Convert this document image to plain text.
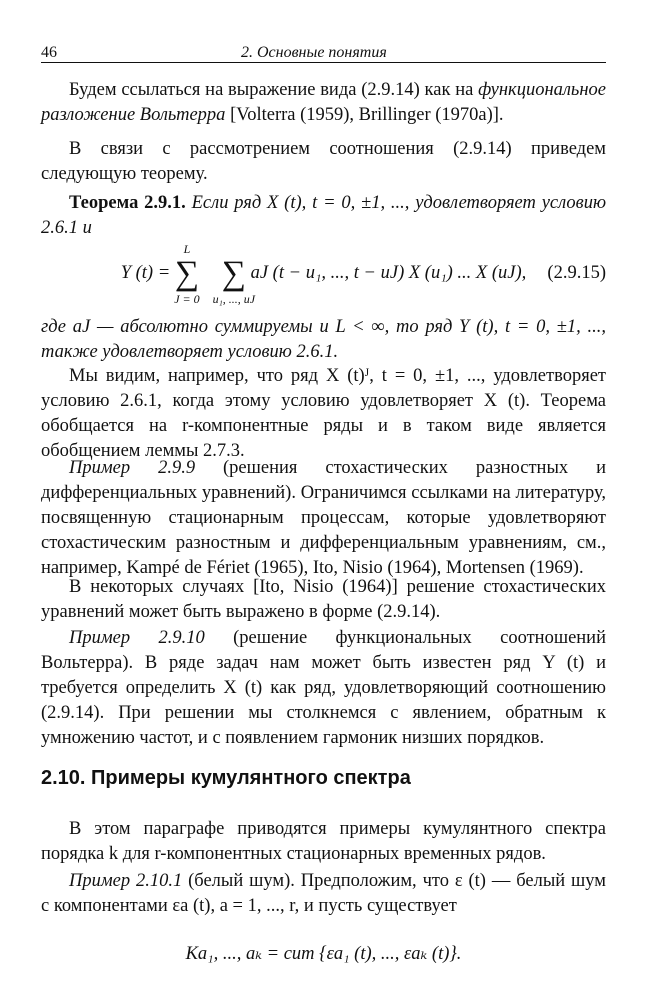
46	2. Основные понятия

Будем ссылаться на выражение вида (2.9.14) как на функциональное разложение Вольтерра [Volterra (1959), Brillinger (1970a)].

В связи с рассмотрением соотношения (2.9.14) приведем следующую теорему.

Теорема 2.9.1. Если ряд X (t), t = 0, ±1, ..., удовлетворяет условию 2.6.1 и

Y (t) = ∑
L
J = 0
∑
u₁, ..., uJ
aJ (t − u₁, ..., t − uJ) X (u₁) ... X (uJ), (2.9.15)

где aJ — абсолютно суммируемы и L < ∞, то ряд Y (t), t = 0, ±1, ..., также удовлетворяет условию 2.6.1.

Мы видим, например, что ряд X (t)ᴶ, t = 0, ±1, ..., удовлетворяет условию 2.6.1, когда этому условию удовлетворяет X (t). Теорема обобщается на r-компонентные ряды и в таком виде является обобщением леммы 2.7.3.

Пример 2.9.9 (решения стохастических разностных и дифференциальных уравнений). Ограничимся ссылками на литературу, посвященную стационарным процессам, которые удовлетворяют стохастическим разностным и дифференциальным уравнениям, см., например, Kampé de Fériet (1965), Ito, Nisio (1964), Mortensen (1969).

В некоторых случаях [Ito, Nisio (1964)] решение стохастических уравнений может быть выражено в форме (2.9.14).

Пример 2.9.10 (решение функциональных соотношений Вольтерра). В ряде задач нам может быть известен ряд Y (t) и требуется определить X (t) как ряд, удовлетворяющий соотношению (2.9.14). При решении мы столкнемся с явлением, обратным к умножению частот, и с появлением гармоник низших порядков.

2.10. Примеры кумулянтного спектра

В этом параграфе приводятся примеры кумулянтного спектра порядка k для r-компонентных стационарных временных рядов.

Пример 2.10.1 (белый шум). Предположим, что ε (t) — белый шум с компонентами εa (t), a = 1, ..., r, и пусть существует

Ka₁, ..., aₖ = cum {εa₁ (t), ..., εaₖ (t)}.
